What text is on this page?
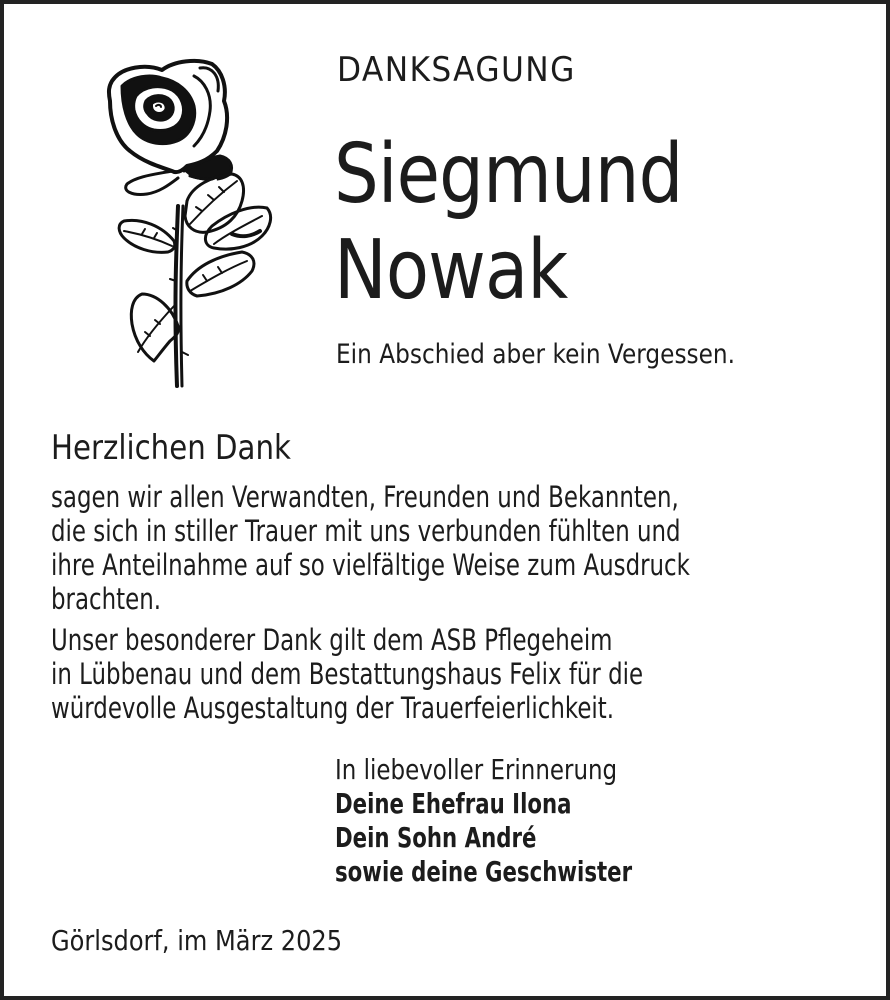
DANKSAGUNG
Siegmund
Nowak
Ein Abschied aber kein Vergessen.
Herzlichen Dank
sagen wir allen Verwandten, Freunden und Bekannten,
die sich in stiller Trauer mit uns verbunden fühlten und
ihre Anteilnahme auf so vielfältige Weise zum Ausdruck
brachten.
Unser besonderer Dank gilt dem ASB Pflegeheim
in Lübbenau und dem Bestattungshaus Felix für die
würdevolle Ausgestaltung der Trauerfeierlichkeit.
In liebevoller Erinnerung
Deine Ehefrau Ilona
Dein Sohn André
sowie deine Geschwister
Görlsdorf, im März 2025
